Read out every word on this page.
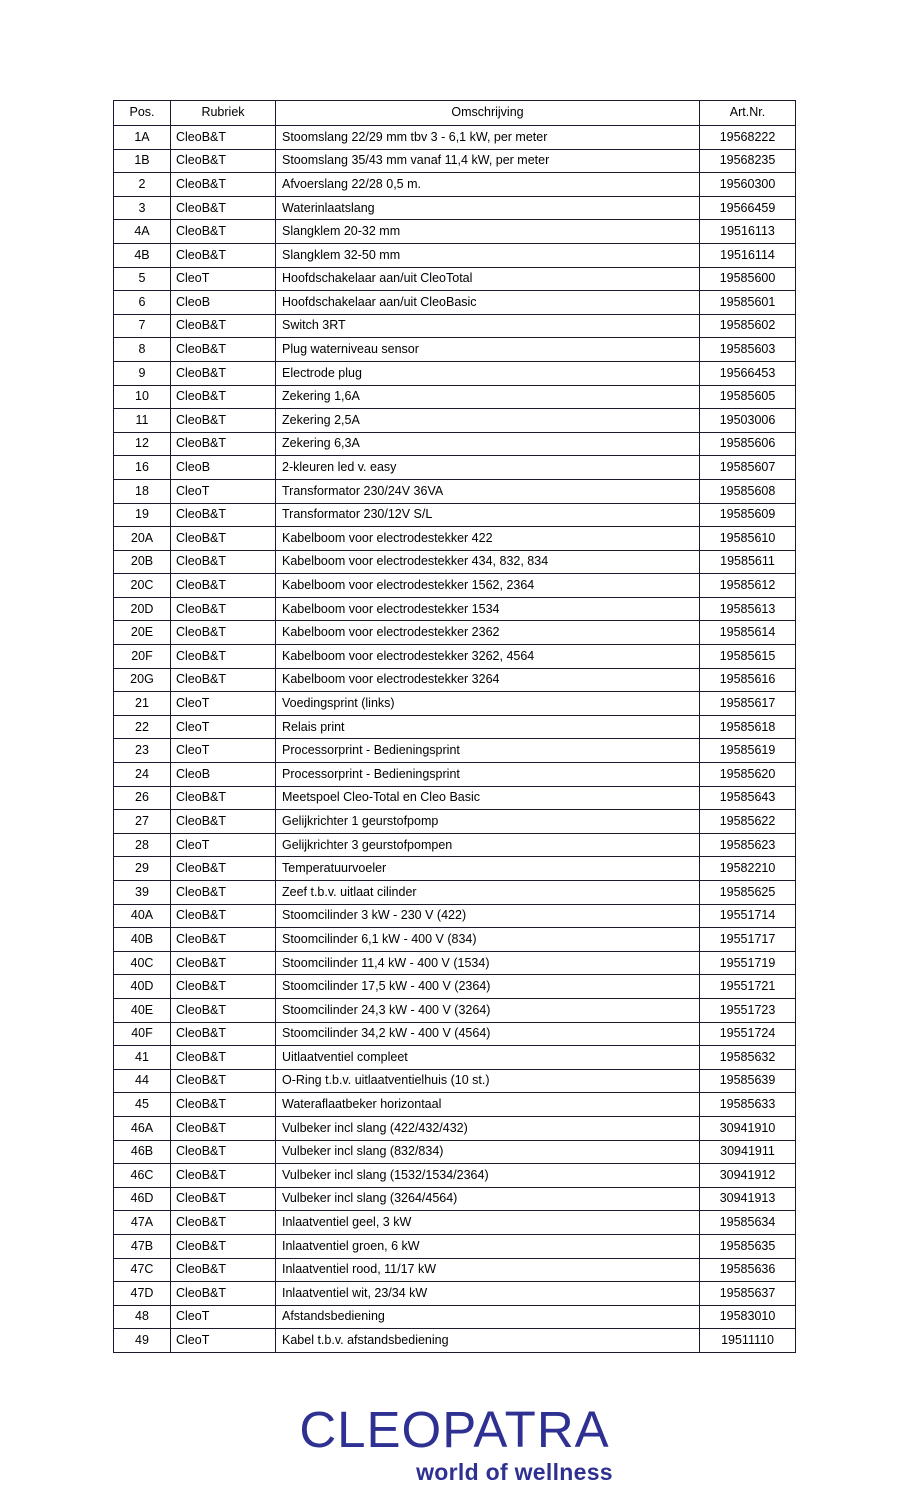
Pos.	Rubriek	Omschrijving	Art.Nr.
1A	CleoB&T	Stoomslang 22/29 mm tbv 3 - 6,1 kW, per meter	19568222
1B	CleoB&T	Stoomslang 35/43 mm vanaf 11,4 kW, per meter	19568235
2	CleoB&T	Afvoerslang 22/28 0,5 m.	19560300
3	CleoB&T	Waterinlaatslang	19566459
4A	CleoB&T	Slangklem 20-32 mm	19516113
4B	CleoB&T	Slangklem 32-50 mm	19516114
5	CleoT	Hoofdschakelaar aan/uit CleoTotal	19585600
6	CleoB	Hoofdschakelaar aan/uit CleoBasic	19585601
7	CleoB&T	Switch 3RT	19585602
8	CleoB&T	Plug waterniveau sensor	19585603
9	CleoB&T	Electrode plug	19566453
10	CleoB&T	Zekering 1,6A	19585605
11	CleoB&T	Zekering 2,5A	19503006
12	CleoB&T	Zekering 6,3A	19585606
16	CleoB	2-kleuren led v. easy	19585607
18	CleoT	Transformator 230/24V 36VA	19585608
19	CleoB&T	Transformator 230/12V S/L	19585609
20A	CleoB&T	Kabelboom voor electrodestekker 422	19585610
20B	CleoB&T	Kabelboom voor electrodestekker 434, 832, 834	19585611
20C	CleoB&T	Kabelboom voor electrodestekker 1562, 2364	19585612
20D	CleoB&T	Kabelboom voor electrodestekker 1534	19585613
20E	CleoB&T	Kabelboom voor electrodestekker 2362	19585614
20F	CleoB&T	Kabelboom voor electrodestekker 3262, 4564	19585615
20G	CleoB&T	Kabelboom voor electrodestekker 3264	19585616
21	CleoT	Voedingsprint (links)	19585617
22	CleoT	Relais print	19585618
23	CleoT	Processorprint - Bedieningsprint	19585619
24	CleoB	Processorprint - Bedieningsprint	19585620
26	CleoB&T	Meetspoel Cleo-Total en Cleo Basic	19585643
27	CleoB&T	Gelijkrichter 1 geurstofpomp	19585622
28	CleoT	Gelijkrichter 3 geurstofpompen	19585623
29	CleoB&T	Temperatuurvoeler	19582210
39	CleoB&T	Zeef t.b.v. uitlaat cilinder	19585625
40A	CleoB&T	Stoomcilinder 3 kW - 230 V (422)	19551714
40B	CleoB&T	Stoomcilinder 6,1 kW - 400 V (834)	19551717
40C	CleoB&T	Stoomcilinder 11,4 kW - 400 V (1534)	19551719
40D	CleoB&T	Stoomcilinder 17,5 kW - 400 V (2364)	19551721
40E	CleoB&T	Stoomcilinder 24,3 kW - 400 V (3264)	19551723
40F	CleoB&T	Stoomcilinder 34,2 kW - 400 V (4564)	19551724
41	CleoB&T	Uitlaatventiel compleet	19585632
44	CleoB&T	O-Ring t.b.v. uitlaatventielhuis (10 st.)	19585639
45	CleoB&T	Wateraflaatbeker horizontaal	19585633
46A	CleoB&T	Vulbeker incl slang (422/432/432)	30941910
46B	CleoB&T	Vulbeker incl slang (832/834)	30941911
46C	CleoB&T	Vulbeker incl slang (1532/1534/2364)	30941912
46D	CleoB&T	Vulbeker incl slang (3264/4564)	30941913
47A	CleoB&T	Inlaatventiel geel, 3 kW	19585634
47B	CleoB&T	Inlaatventiel groen, 6 kW	19585635
47C	CleoB&T	Inlaatventiel rood, 11/17 kW	19585636
47D	CleoB&T	Inlaatventiel wit, 23/34 kW	19585637
48	CleoT	Afstandsbediening	19583010
49	CleoT	Kabel t.b.v. afstandsbediening	19511110
CLEOPATRA
world of wellness
